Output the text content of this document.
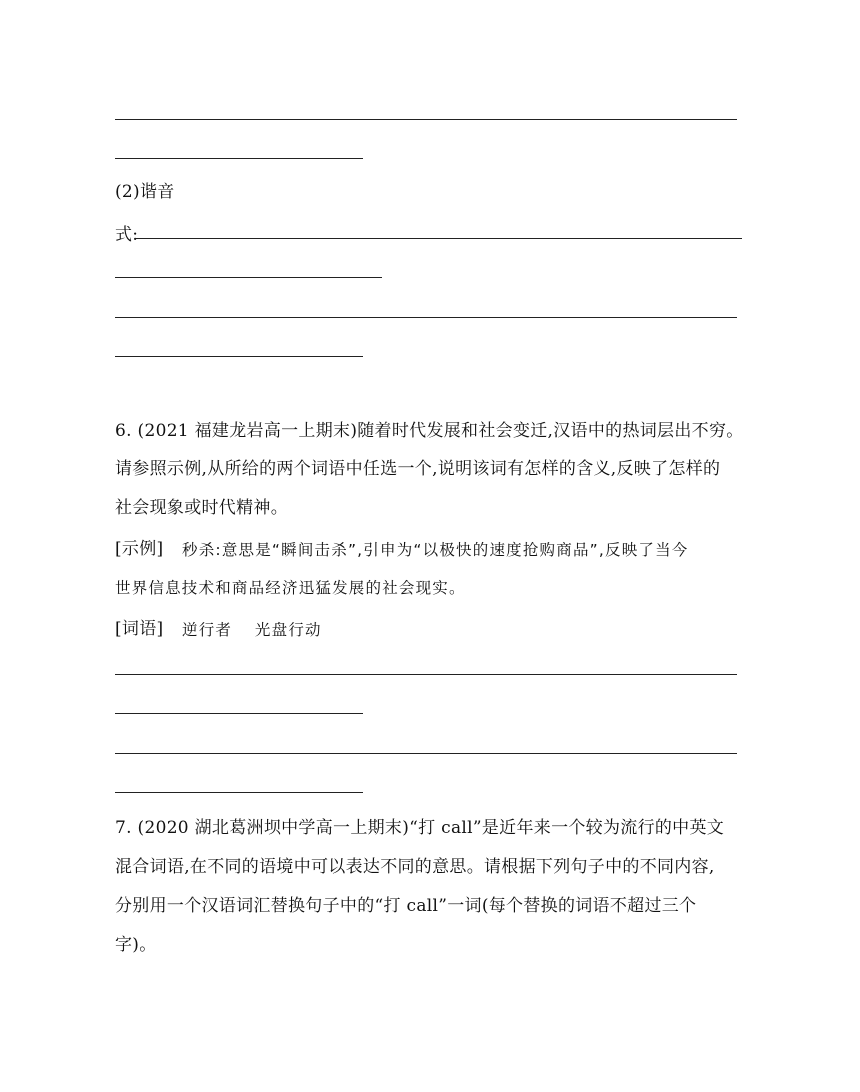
(2)谐音
式:
6. (2021 福建龙岩高一上期末)随着时代发展和社会变迁,汉语中的热词层出不穷。
请参照示例,从所给的两个词语中任选一个,说明该词有怎样的含义,反映了怎样的
社会现象或时代精神。
[示例] 秒杀:意思是“瞬间击杀”,引申为“以极快的速度抢购商品”,反映了当今
世界信息技术和商品经济迅猛发展的社会现实。
[词语] 逆行者　 光盘行动
7. (2020 湖北葛洲坝中学高一上期末)“打 call”是近年来一个较为流行的中英文
混合词语,在不同的语境中可以表达不同的意思。请根据下列句子中的不同内容,
分别用一个汉语词汇替换句子中的“打 call”一词(每个替换的词语不超过三个
字)。
